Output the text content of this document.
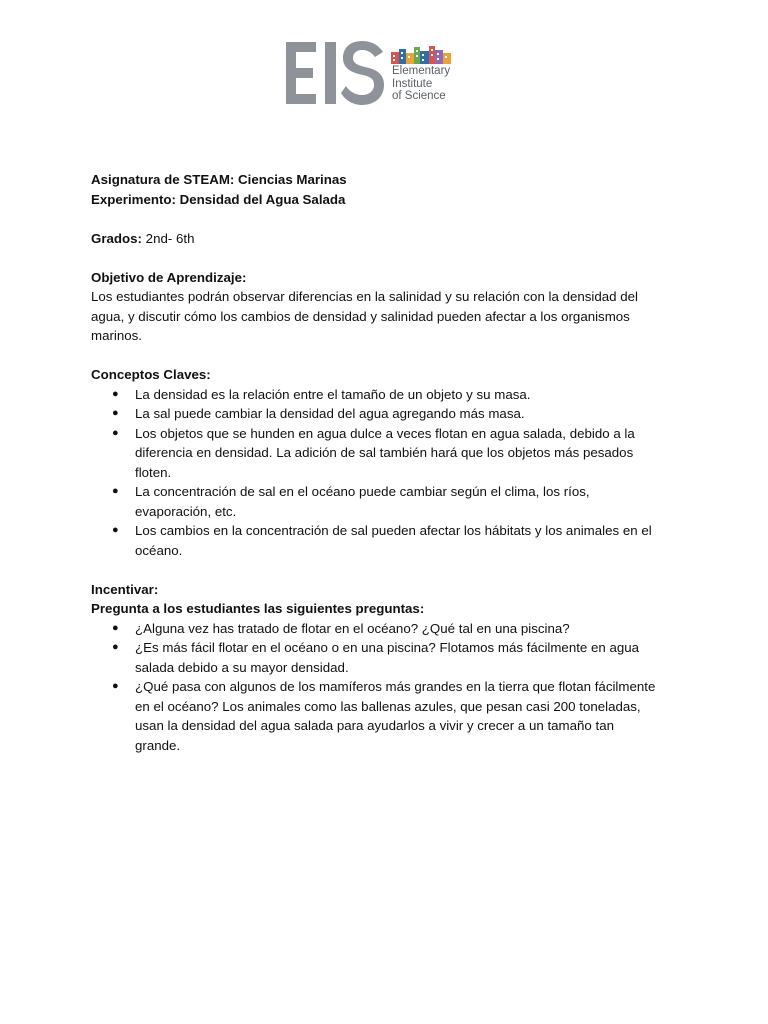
Elementary
Institute
of Science

Asignatura de STEAM: Ciencias Marinas

Experimento: Densidad del Agua Salada

Grados: 2nd- 6th

Objetivo de Aprendizaje:

Los estudiantes podrán observar diferencias en la salinidad y su relación con la densidad del

agua, y discutir cómo los cambios de densidad y salinidad pueden afectar a los organismos

marinos.

Conceptos Claves:

● La densidad es la relación entre el tamaño de un objeto y su masa.
● La sal puede cambiar la densidad del agua agregando más masa.
● Los objetos que se hunden en agua dulce a veces flotan en agua salada, debido a la
diferencia en densidad. La adición de sal también hará que los objetos más pesados
floten.
● La concentración de sal en el océano puede cambiar según el clima, los ríos,
evaporación, etc.
● Los cambios en la concentración de sal pueden afectar los hábitats y los animales en el
océano.

Incentivar:

Pregunta a los estudiantes las siguientes preguntas:

● ¿Alguna vez has tratado de flotar en el océano? ¿Qué tal en una piscina?
● ¿Es más fácil flotar en el océano o en una piscina? Flotamos más fácilmente en agua
salada debido a su mayor densidad.
● ¿Qué pasa con algunos de los mamíferos más grandes en la tierra que flotan fácilmente
en el océano? Los animales como las ballenas azules, que pesan casi 200 toneladas,
usan la densidad del agua salada para ayudarlos a vivir y crecer a un tamaño tan
grande.
